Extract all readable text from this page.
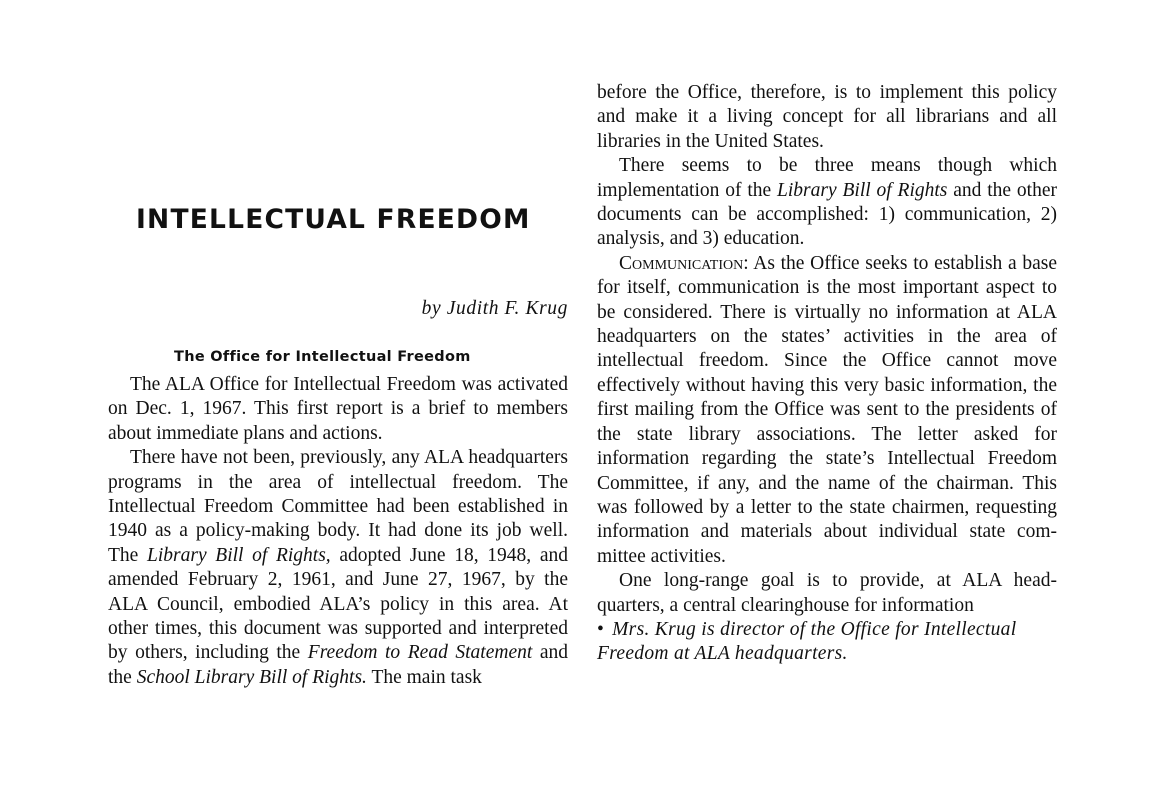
INTELLECTUAL FREEDOM
by Judith F. Krug
The Office for Intellectual Freedom

The ALA Office for Intellectual Freedom was activated on Dec. 1, 1967. This first report is a brief to members about immediate plans and actions.

There have not been, previously, any ALA headquarters programs in the area of intellectual freedom. The Intellectual Freedom Committee had been established in 1940 as a policy-making body. It had done its job well. The Library Bill of Rights, adopted June 18, 1948, and amended February 2, 1961, and June 27, 1967, by the ALA Council, embodied ALA’s policy in this area. At other times, this document was supported and interpreted by others, including the Freedom to Read Statement and the School Library Bill of Rights. The main task

before the Office, therefore, is to implement this policy and make it a living concept for all librarians and all libraries in the United States.

There seems to be three means though which implementation of the Library Bill of Rights and the other documents can be accomplished: 1) communication, 2) analysis, and 3) education.

Communication: As the Office seeks to establish a base for itself, communication is the most important aspect to be considered. There is virtually no information at ALA headquarters on the states’ activities in the area of intellectual freedom. Since the Office cannot move effectively without having this very basic information, the first mailing from the Office was sent to the presidents of the state library associations. The letter asked for information regarding the state’s Intellectual Freedom Committee, if any, and the name of the chairman. This was followed by a letter to the state chairmen, requesting information and materials about individual state committee activities.

One long-range goal is to provide, at ALA headquarters, a central clearinghouse for information

• Mrs. Krug is director of the Office for Intellectual Freedom at ALA headquarters.
